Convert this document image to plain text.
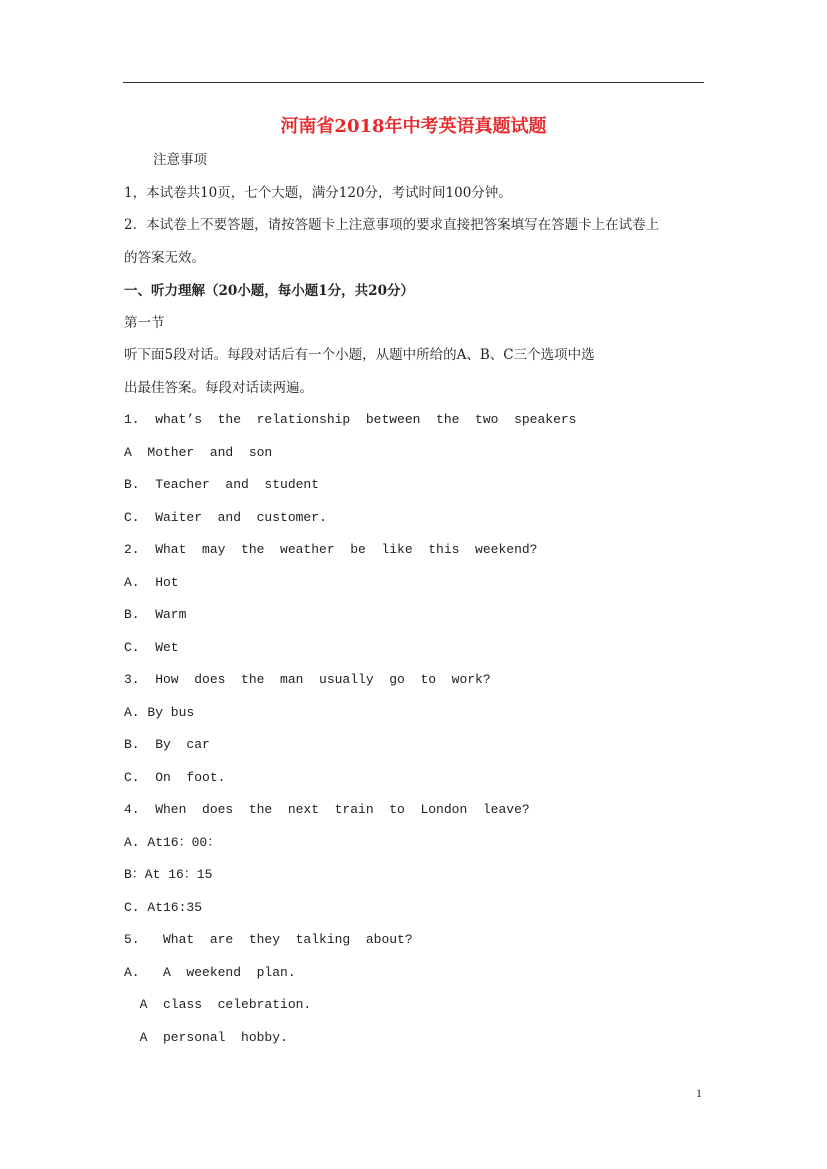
河南省2018年中考英语真题试题
注意事项
1，本试卷共10页，七个大题，满分120分，考试时间100分钟。
2．本试卷上不要答题，请按答题卡上注意事项的要求直接把答案填写在答题卡上在试卷上
的答案无效。
一、听力理解（20小题，每小题1分，共20分）
第一节
听下面5段对话。每段对话后有一个小题，从题中所给的A、B、C三个选项中选
出最佳答案。每段对话读两遍。
1.  what’s  the  relationship  between  the  two  speakers
A  Mother  and  son
B.  Teacher  and  student
C.  Waiter  and  customer.
2.  What  may  the  weather  be  like  this  weekend?
A.  Hot
B.  Warm
C.  Wet
3.  How  does  the  man  usually  go  to  work?
A. By bus
B.  By  car
C.  On  foot.
4.  When  does  the  next  train  to  London  leave?
A. At16：00：
B：At 16：15
C. At16:35
5.   What  are  they  talking  about?
A.   A  weekend  plan.
A  class  celebration.
A  personal  hobby.
1
